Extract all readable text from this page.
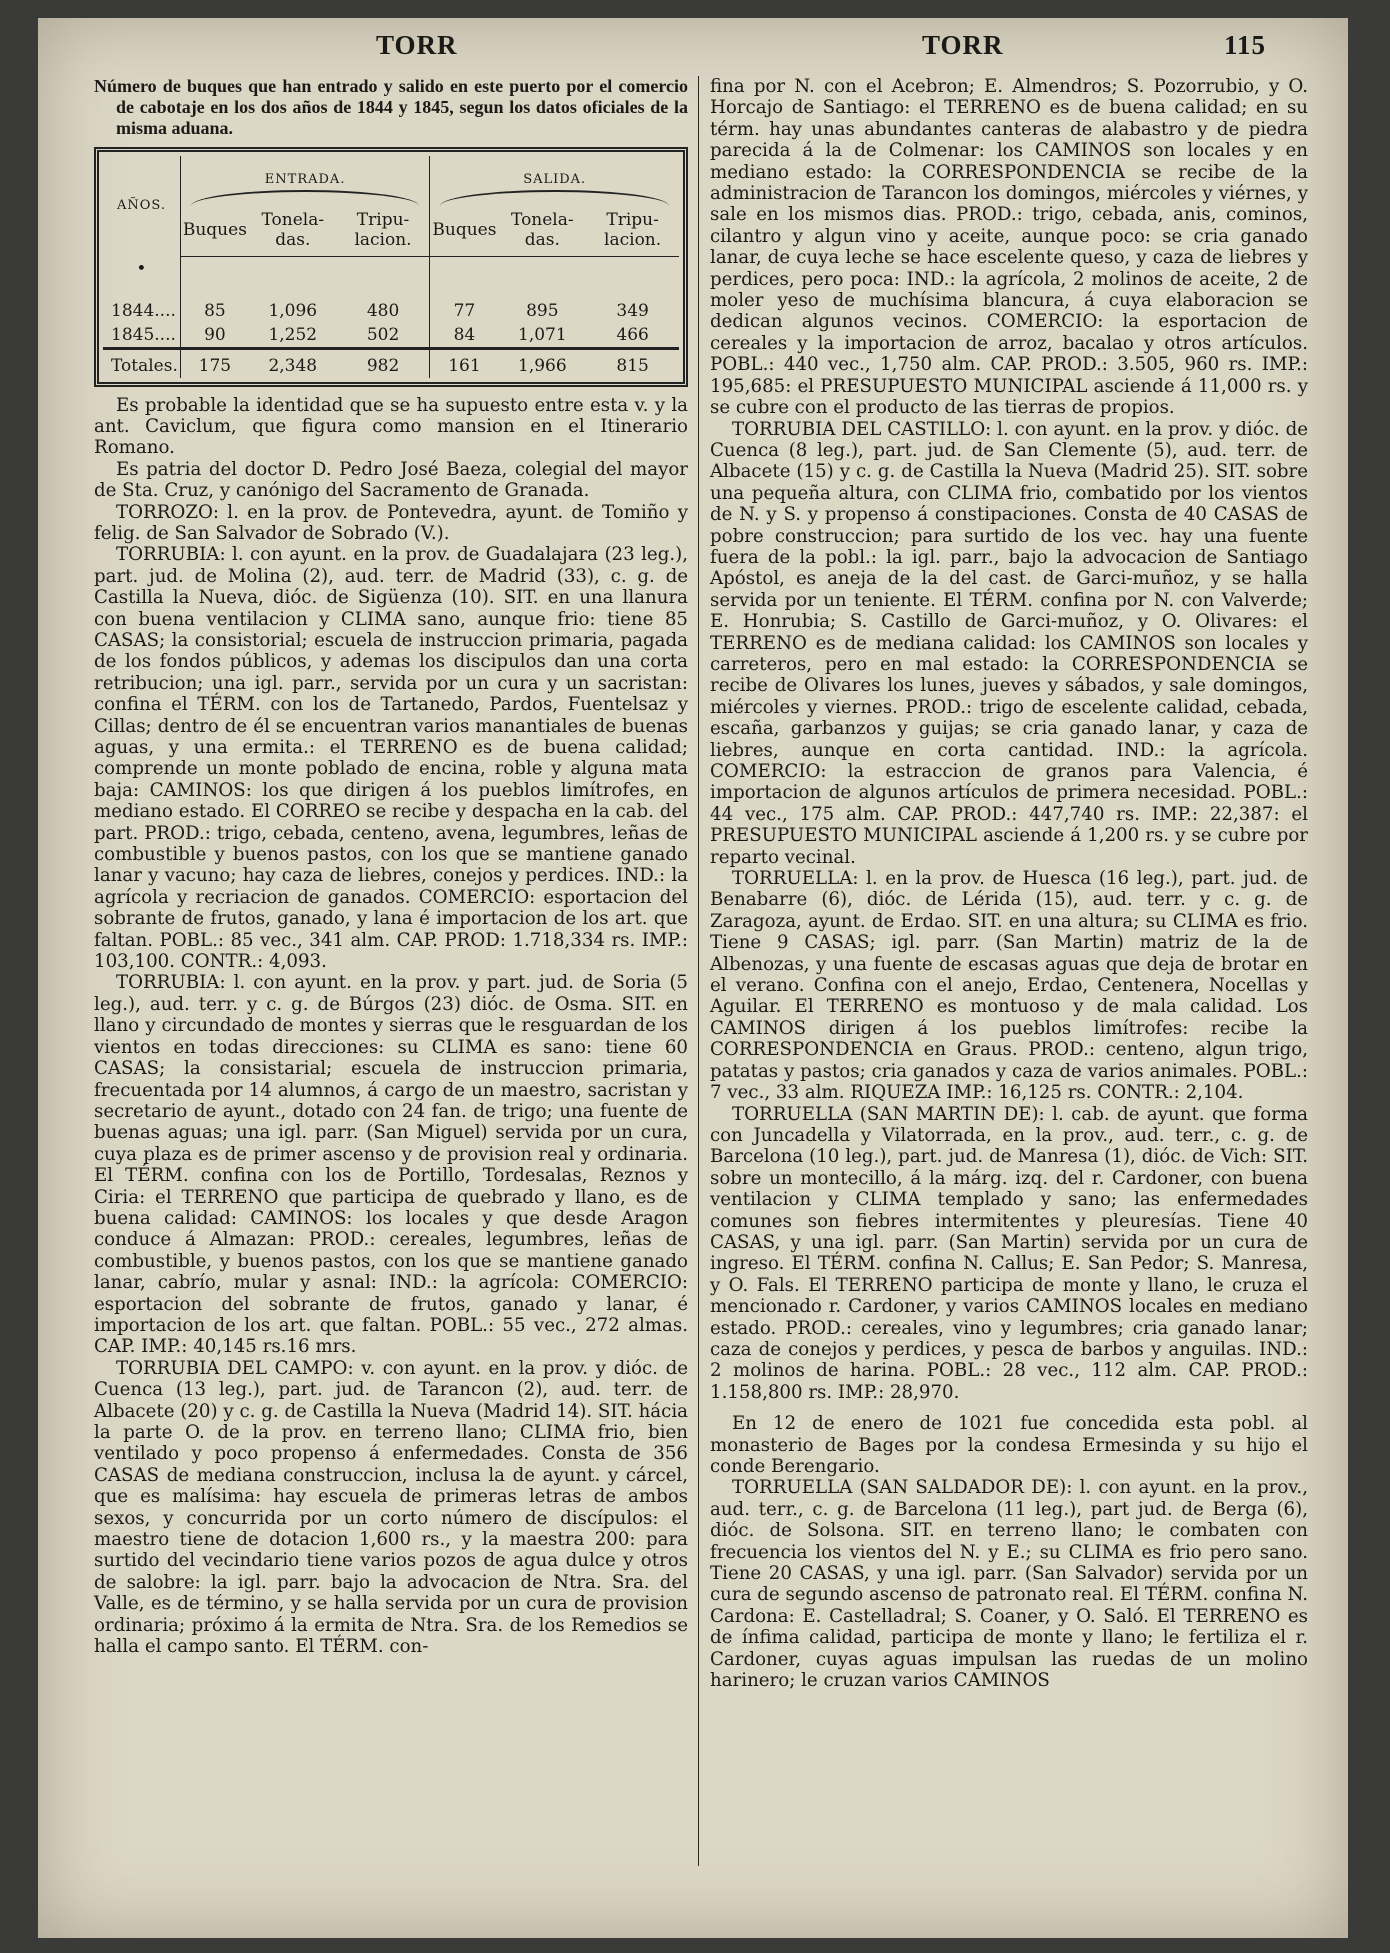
TORR	TORR	115
Número de buques que han entrado y salido en este puerto por el comercio de cabotaje en los dos años de 1844 y 1845, segun los datos oficiales de la misma aduana.
AÑOS.	ENTRADA.			SALIDA.		

	Buques	Tonela-das.	Tripu-lacion.	Buques	Tonela-das.	Tripu-lacion.
•						
1844....	85	1,096	480	77	895	349
1845....	90	1,252	502	84	1,071	466
Totales.	175	2,348	982	161	1,966	815

Es probable la identidad que se ha supuesto entre esta v. y la ant. Caviclum, que figura como mansion en el Itinerario Romano.

Es patria del doctor D. Pedro José Baeza, colegial del mayor de Sta. Cruz, y canónigo del Sacramento de Granada.

TORROZO: l. en la prov. de Pontevedra, ayunt. de Tomiño y felig. de San Salvador de Sobrado (V.).

TORRUBIA: l. con ayunt. en la prov. de Guadalajara (23 leg.), part. jud. de Molina (2), aud. terr. de Madrid (33), c. g. de Castilla la Nueva, dióc. de Sigüenza (10). SIT. en una llanura con buena ventilacion y CLIMA sano, aunque frio: tiene 85 CASAS; la consistorial; escuela de instruccion primaria, pagada de los fondos públicos, y ademas los discipulos dan una corta retribucion; una igl. parr., servida por un cura y un sacristan: confina el TÉRM. con los de Tartanedo, Pardos, Fuentelsaz y Cillas; dentro de él se encuentran varios manantiales de buenas aguas, y una ermita.: el TERRENO es de buena calidad; comprende un monte poblado de encina, roble y alguna mata baja: CAMINOS: los que dirigen á los pueblos limítrofes, en mediano estado. El CORREO se recibe y despacha en la cab. del part. PROD.: trigo, cebada, centeno, avena, legumbres, leñas de combustible y buenos pastos, con los que se mantiene ganado lanar y vacuno; hay caza de liebres, conejos y perdices. IND.: la agrícola y recriacion de ganados. COMERCIO: esportacion del sobrante de frutos, ganado, y lana é importacion de los art. que faltan. POBL.: 85 vec., 341 alm. CAP. PROD: 1.718,334 rs. IMP.: 103,100. CONTR.: 4,093.

TORRUBIA: l. con ayunt. en la prov. y part. jud. de Soria (5 leg.), aud. terr. y c. g. de Búrgos (23) dióc. de Osma. SIT. en llano y circundado de montes y sierras que le resguardan de los vientos en todas direcciones: su CLIMA es sano: tiene 60 CASAS; la consistarial; escuela de instruccion primaria, frecuentada por 14 alumnos, á cargo de un maestro, sacristan y secretario de ayunt., dotado con 24 fan. de trigo; una fuente de buenas aguas; una igl. parr. (San Miguel) servida por un cura, cuya plaza es de primer ascenso y de provision real y ordinaria. El TÉRM. confina con los de Portillo, Tordesalas, Reznos y Ciria: el TERRENO que participa de quebrado y llano, es de buena calidad: CAMINOS: los locales y que desde Aragon conduce á Almazan: PROD.: cereales, legumbres, leñas de combustible, y buenos pastos, con los que se mantiene ganado lanar, cabrío, mular y asnal: IND.: la agrícola: COMERCIO: esportacion del sobrante de frutos, ganado y lanar, é importacion de los art. que faltan. POBL.: 55 vec., 272 almas. CAP. IMP.: 40,145 rs.16 mrs.

TORRUBIA DEL CAMPO: v. con ayunt. en la prov. y dióc. de Cuenca (13 leg.), part. jud. de Tarancon (2), aud. terr. de Albacete (20) y c. g. de Castilla la Nueva (Madrid 14). SIT. hácia la parte O. de la prov. en terreno llano; CLIMA frio, bien ventilado y poco propenso á enfermedades. Consta de 356 CASAS de mediana construccion, inclusa la de ayunt. y cárcel, que es malísima: hay escuela de primeras letras de ambos sexos, y concurrida por un corto número de discípulos: el maestro tiene de dotacion 1,600 rs., y la maestra 200: para surtido del vecindario tiene varios pozos de agua dulce y otros de salobre: la igl. parr. bajo la advocacion de Ntra. Sra. del Valle, es de término, y se halla servida por un cura de provision ordinaria; próximo á la ermita de Ntra. Sra. de los Remedios se halla el campo santo. El TÉRM. con-

fina por N. con el Acebron; E. Almendros; S. Pozorrubio, y O. Horcajo de Santiago: el TERRENO es de buena calidad; en su térm. hay unas abundantes canteras de alabastro y de piedra parecida á la de Colmenar: los CAMINOS son locales y en mediano estado: la CORRESPONDENCIA se recibe de la administracion de Tarancon los domingos, miércoles y viérnes, y sale en los mismos dias. PROD.: trigo, cebada, anis, cominos, cilantro y algun vino y aceite, aunque poco: se cria ganado lanar, de cuya leche se hace escelente queso, y caza de liebres y perdices, pero poca: IND.: la agrícola, 2 molinos de aceite, 2 de moler yeso de muchísima blancura, á cuya elaboracion se dedican algunos vecinos. COMERCIO: la esportacion de cereales y la importacion de arroz, bacalao y otros artículos. POBL.: 440 vec., 1,750 alm. CAP. PROD.: 3.505, 960 rs. IMP.: 195,685: el PRESUPUESTO MUNICIPAL asciende á 11,000 rs. y se cubre con el producto de las tierras de propios.

TORRUBIA DEL CASTILLO: l. con ayunt. en la prov. y dióc. de Cuenca (8 leg.), part. jud. de San Clemente (5), aud. terr. de Albacete (15) y c. g. de Castilla la Nueva (Madrid 25). SIT. sobre una pequeña altura, con CLIMA frio, combatido por los vientos de N. y S. y propenso á constipaciones. Consta de 40 CASAS de pobre construccion; para surtido de los vec. hay una fuente fuera de la pobl.: la igl. parr., bajo la advocacion de Santiago Apóstol, es aneja de la del cast. de Garci-muñoz, y se halla servida por un teniente. El TÉRM. confina por N. con Valverde; E. Honrubia; S. Castillo de Garci-muñoz, y O. Olivares: el TERRENO es de mediana calidad: los CAMINOS son locales y carreteros, pero en mal estado: la CORRESPONDENCIA se recibe de Olivares los lunes, jueves y sábados, y sale domingos, miércoles y viernes. PROD.: trigo de escelente calidad, cebada, escaña, garbanzos y guijas; se cria ganado lanar, y caza de liebres, aunque en corta cantidad. IND.: la agrícola. COMERCIO: la estraccion de granos para Valencia, é importacion de algunos artículos de primera necesidad. POBL.: 44 vec., 175 alm. CAP. PROD.: 447,740 rs. IMP.: 22,387: el PRESUPUESTO MUNICIPAL asciende á 1,200 rs. y se cubre por reparto vecinal.

TORRUELLA: l. en la prov. de Huesca (16 leg.), part. jud. de Benabarre (6), dióc. de Lérida (15), aud. terr. y c. g. de Zaragoza, ayunt. de Erdao. SIT. en una altura; su CLIMA es frio. Tiene 9 CASAS; igl. parr. (San Martin) matriz de la de Albenozas, y una fuente de escasas aguas que deja de brotar en el verano. Confina con el anejo, Erdao, Centenera, Nocellas y Aguilar. El TERRENO es montuoso y de mala calidad. Los CAMINOS dirigen á los pueblos limítrofes: recibe la CORRESPONDENCIA en Graus. PROD.: centeno, algun trigo, patatas y pastos; cria ganados y caza de varios animales. POBL.: 7 vec., 33 alm. RIQUEZA IMP.: 16,125 rs. CONTR.: 2,104.

TORRUELLA (SAN MARTIN DE): l. cab. de ayunt. que forma con Juncadella y Vilatorrada, en la prov., aud. terr., c. g. de Barcelona (10 leg.), part. jud. de Manresa (1), dióc. de Vich: SIT. sobre un montecillo, á la márg. izq. del r. Cardoner, con buena ventilacion y CLIMA templado y sano; las enfermedades comunes son fiebres intermitentes y pleuresías. Tiene 40 CASAS, y una igl. parr. (San Martin) servida por un cura de ingreso. El TÉRM. confina N. Callus; E. San Pedor; S. Manresa, y O. Fals. El TERRENO participa de monte y llano, le cruza el mencionado r. Cardoner, y varios CAMINOS locales en mediano estado. PROD.: cereales, vino y legumbres; cria ganado lanar; caza de conejos y perdices, y pesca de barbos y anguilas. IND.: 2 molinos de harina. POBL.: 28 vec., 112 alm. CAP. PROD.: 1.158,800 rs. IMP.: 28,970.

En 12 de enero de 1021 fue concedida esta pobl. al monasterio de Bages por la condesa Ermesinda y su hijo el conde Berengario.

TORRUELLA (SAN SALDADOR DE): l. con ayunt. en la prov., aud. terr., c. g. de Barcelona (11 leg.), part jud. de Berga (6), dióc. de Solsona. SIT. en terreno llano; le combaten con frecuencia los vientos del N. y E.; su CLIMA es frio pero sano. Tiene 20 CASAS, y una igl. parr. (San Salvador) servida por un cura de segundo ascenso de patronato real. El TÉRM. confina N. Cardona: E. Castelladral; S. Coaner, y O. Saló. El TERRENO es de ínfima calidad, participa de monte y llano; le fertiliza el r. Cardoner, cuyas aguas impulsan las ruedas de un molino harinero; le cruzan varios CAMINOS
